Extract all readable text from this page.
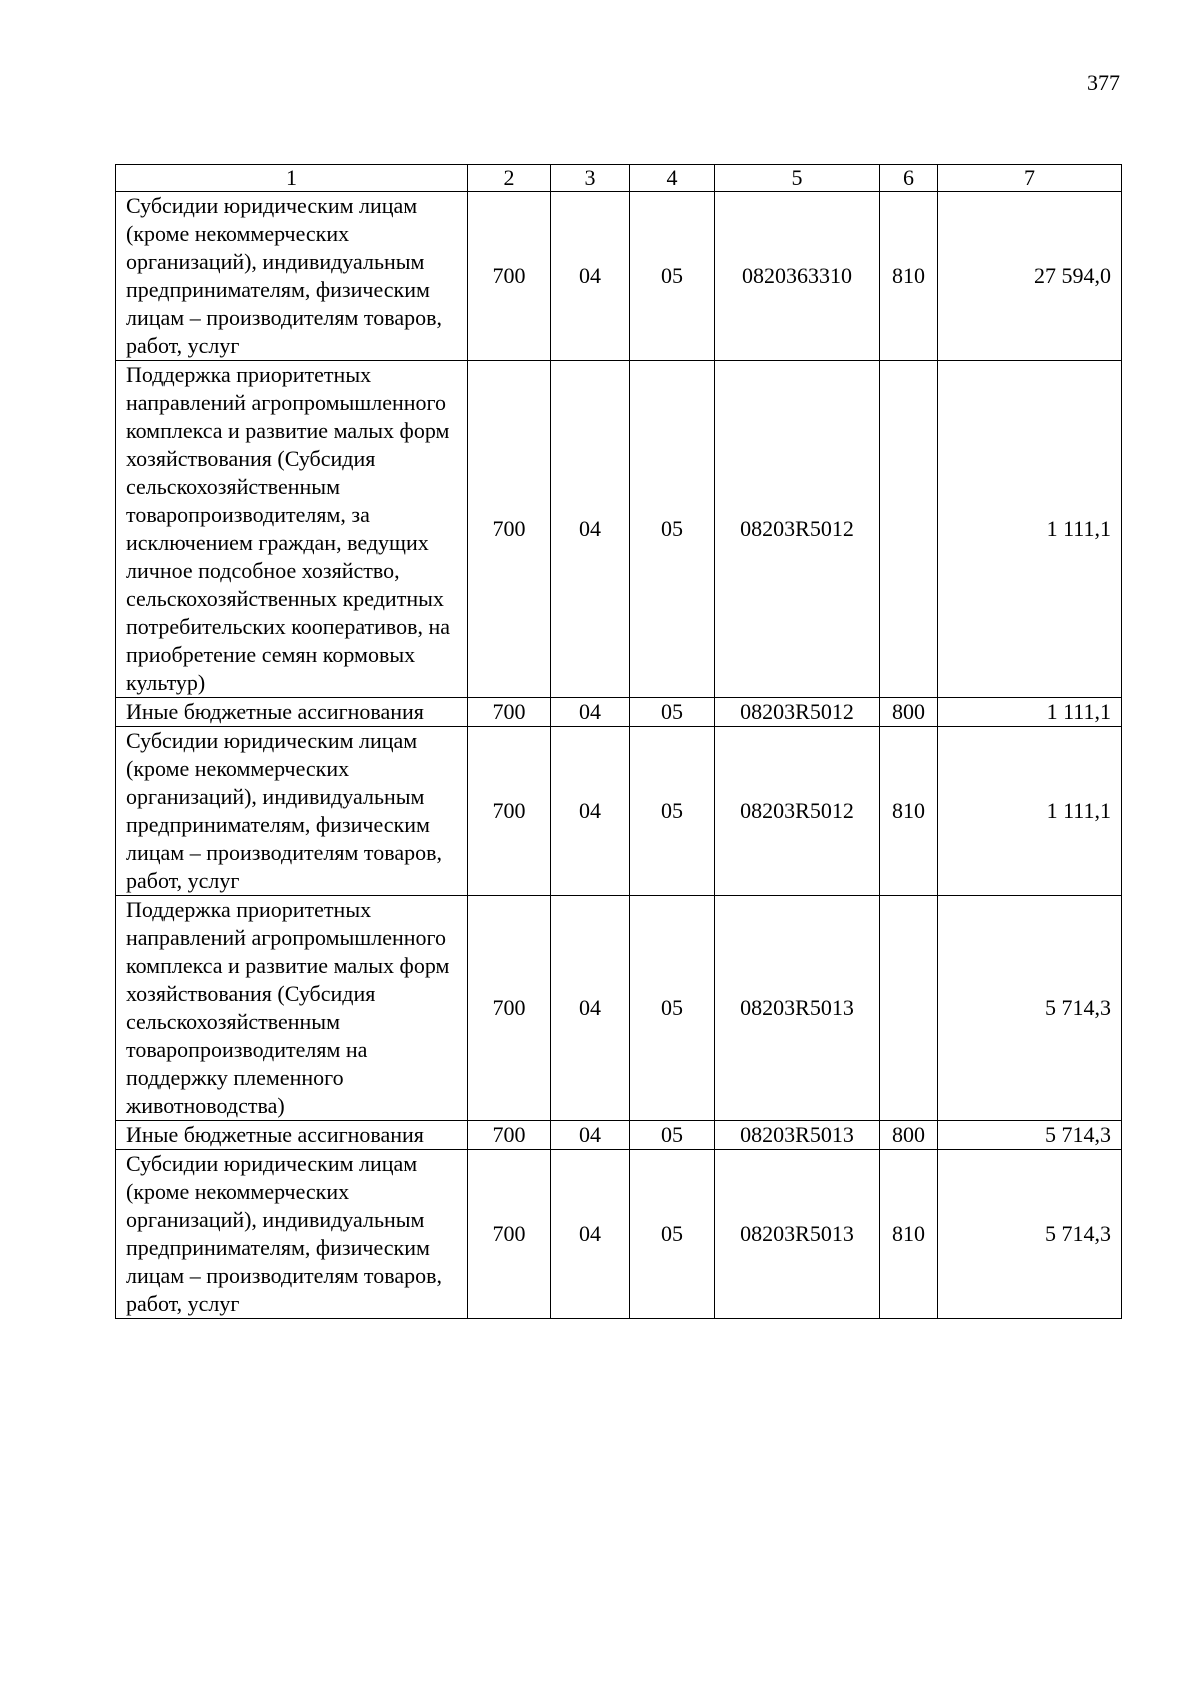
377
1	2	3	4	5	6	7
Субсидии юридическим лицам (кроме некоммерческих организаций), индивидуальным предпринимателям, физическим лицам – производителям товаров, работ, услуг	700	04	05	0820363310	810	27 594,0
Поддержка приоритетных направлений агропромышленного комплекса и развитие малых форм хозяйствования (Субсидия сельскохозяйственным товаропроизводителям, за исключением граждан, ведущих личное подсобное хозяйство, сельскохозяйственных кредитных потребительских кооперативов, на приобретение семян кормовых культур)	700	04	05	08203R5012		1 111,1
Иные бюджетные ассигнования	700	04	05	08203R5012	800	1 111,1
Субсидии юридическим лицам (кроме некоммерческих организаций), индивидуальным предпринимателям, физическим лицам – производителям товаров, работ, услуг	700	04	05	08203R5012	810	1 111,1
Поддержка приоритетных направлений агропромышленного комплекса и развитие малых форм хозяйствования (Субсидия сельскохозяйственным товаропроизводителям на поддержку племенного животноводства)	700	04	05	08203R5013		5 714,3
Иные бюджетные ассигнования	700	04	05	08203R5013	800	5 714,3
Субсидии юридическим лицам (кроме некоммерческих организаций), индивидуальным предпринимателям, физическим лицам – производителям товаров, работ, услуг	700	04	05	08203R5013	810	5 714,3
